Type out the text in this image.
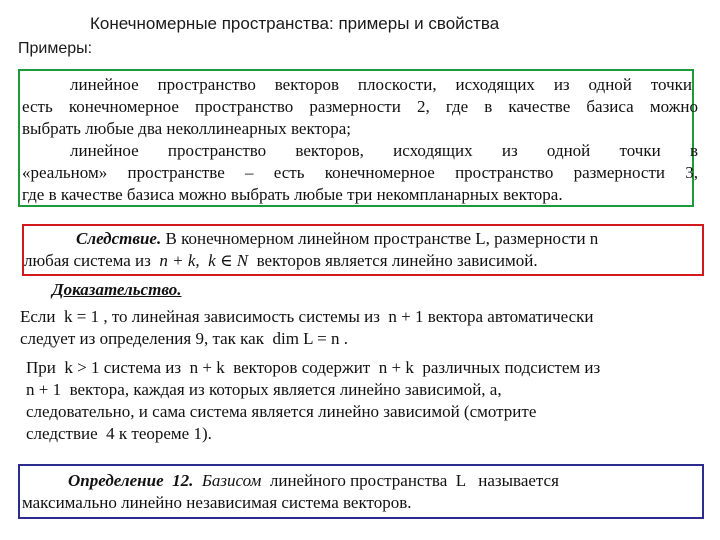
Конечномерные пространства: примеры и свойства
Примеры:
линейное пространство векторов плоскости, исходящих из одной точки
есть конечномерное пространство размерности 2, где в качестве базиса можно
выбрать любые два неколлинеарных вектора;
линейное пространство векторов, исходящих из одной точки в
«реальном» пространстве – есть конечномерное пространство размерности 3,
где в качестве базиса можно выбрать любые три некомпланарных вектора.
Следствие. В конечномерном линейном пространстве L, размерности n
любая система из n + k,  k ∈ N векторов является линейно зависимой.
Доказательство.
Если  k = 1 , то линейная зависимость системы из  n + 1 вектора автоматически
следует из определения 9, так как  dim L = n .
При  k > 1 система из  n + k  векторов содержит  n + k  различных подсистем из
n + 1  вектора, каждая из которых является линейно зависимой, а,
следовательно, и сама система является линейно зависимой (смотрите
следствие  4 к теореме 1).
Определение  12. Базисом линейного пространства  L   называется
максимально линейно независимая система векторов.
